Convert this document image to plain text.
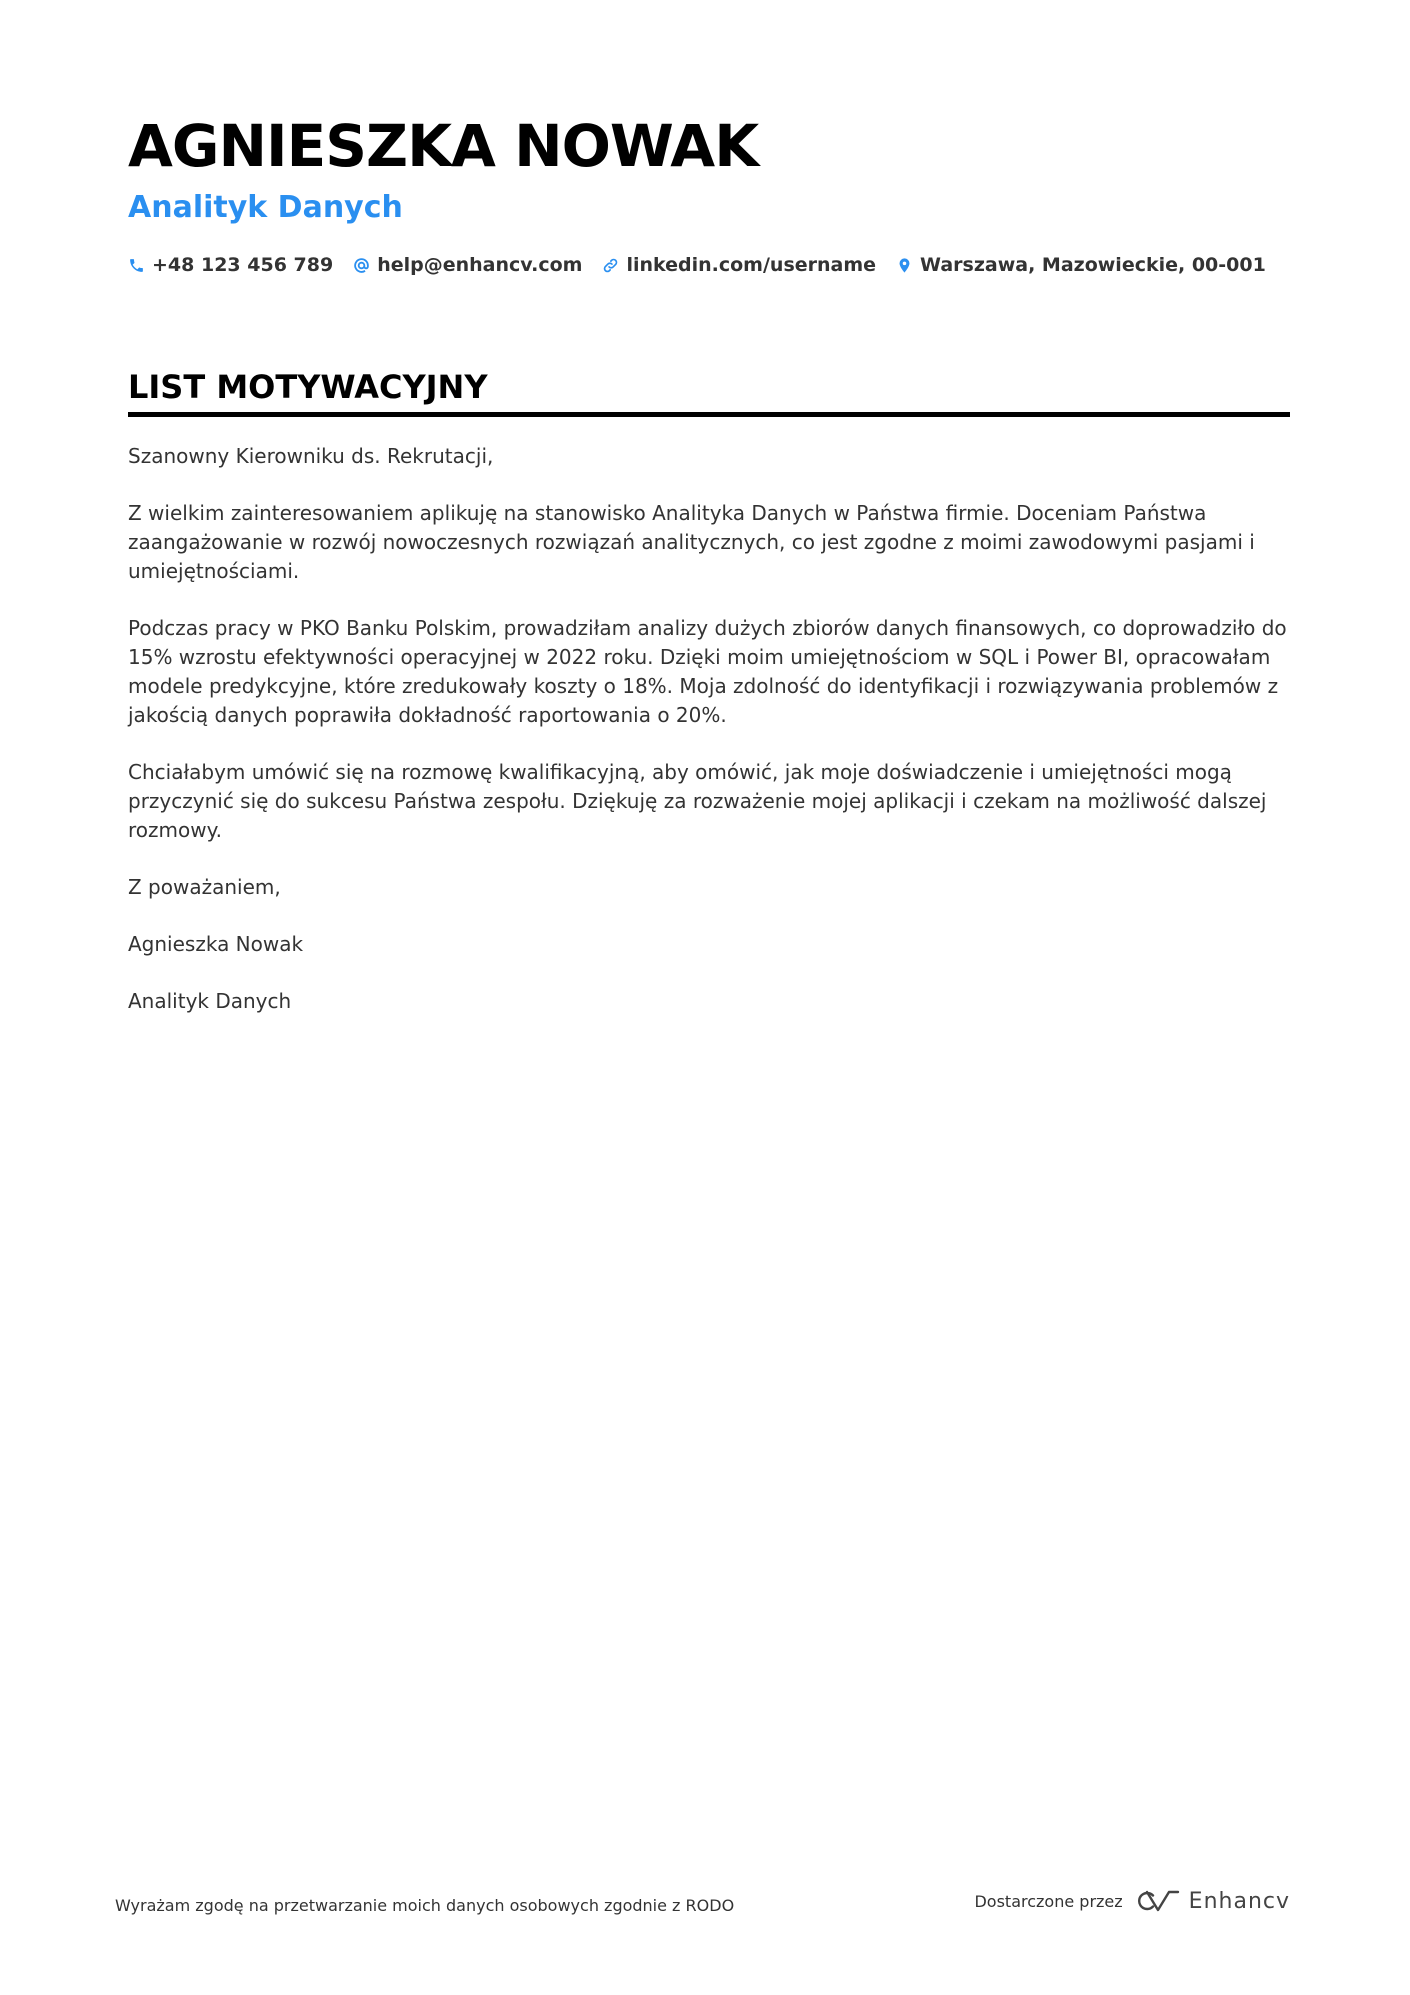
AGNIESZKA NOWAK
Analityk Danych
+48 123 456 789 help@enhancv.com linkedin.com/username Warszawa, Mazowieckie, 00-001
LIST MOTYWACYJNY

Szanowny Kierowniku ds. Rekrutacji,

Z wielkim zainteresowaniem aplikuję na stanowisko Analityka Danych w Państwa firmie. Doceniam Państwa zaangażowanie w rozwój nowoczesnych rozwiązań analitycznych, co jest zgodne z moimi zawodowymi pasjami i umiejętnościami.

Podczas pracy w PKO Banku Polskim, prowadziłam analizy dużych zbiorów danych finansowych, co doprowadziło do 15% wzrostu efektywności operacyjnej w 2022 roku. Dzięki moim umiejętnościom w SQL i Power BI, opracowałam modele predykcyjne, które zredukowały koszty o 18%. Moja zdolność do identyfikacji i rozwiązywania problemów z jakością danych poprawiła dokładność raportowania o 20%.

Chciałabym umówić się na rozmowę kwalifikacyjną, aby omówić, jak moje doświadczenie i umiejętności mogą przyczynić się do sukcesu Państwa zespołu. Dziękuję za rozważenie mojej aplikacji i czekam na możliwość dalszej rozmowy.

Z poważaniem,

Agnieszka Nowak

Analityk Danych

Wyrażam zgodę na przetwarzanie moich danych osobowych zgodnie z RODO	Dostarczone przez	Enhancv
